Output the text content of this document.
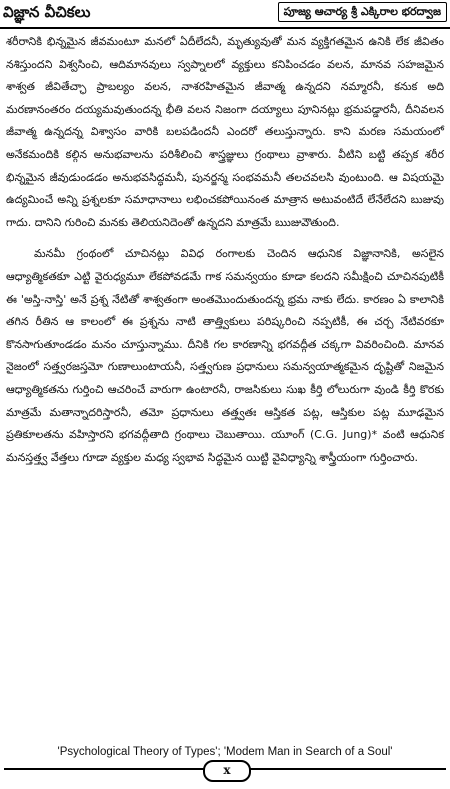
విజ్ఞాన వీచికలు	పూజ్య ఆచార్య శ్రీ ఎక్కిరాల భరద్వాజ

శరీరానికి భిన్నమైన జీవమంటూ మనలో ఏదీలేదనీ, మృత్యువుతో మన వ్యక్తిగతమైన ఉనికి లేక జీవితం నశిస్తుందని విశ్వసించి, ఆదిమానవులు స్వప్నాలలో వ్యక్తులు కనిపించడం వలన, మానవ సహజమైన శాశ్వత జీవితేచ్ఛా ప్రాబల్యం వలన, నాశరహితమైన జీవాత్మ ఉన్నదని నమ్మారనీ, కనుక అది మరణానంతరం దయ్యమవుతుందన్న భీతి వలన నిజంగా దయ్యాలు పూనినట్లు భ్రమపడ్డారనీ, దీనివలన జీవాత్మ ఉన్నదన్న విశ్వాసం వారికి బలపడిందనీ ఎందరో తలుస్తున్నారు. కాని మరణ సమయంలో అనేకమందికి కల్గిన అనుభవాలను పరిశీలించి శాస్త్రజ్ఞులు గ్రంథాలు వ్రాశారు. వీటిని బట్టి తప్పక శరీర భిన్నమైన జీవుడుండడం అనుభవసిద్ధమనీ, పునర్జన్మ సంభవమనీ తలచవలసి వుంటుంది. ఆ విషయమై ఉద్యమించే అన్ని ప్రశ్నలకూ సమాధానాలు లభించకపోయినంత మాత్రాన అటువంటిదే లేనేలేదని బుజువు గాదు. దానిని గురించి మనకు తెలియనిదెంతో ఉన్నదని మాత్రమే ఋజువౌతుంది.

మనమీ గ్రంథంలో చూచినట్లు వివిధ రంగాలకు చెందిన ఆధునిక విజ్ఞానానికి, అసలైన ఆధ్యాత్మికతకూ ఎట్టి వైరుధ్యమూ లేకపోవడమే గాక సమన్వయం కూడా కలదని సమీక్షించి చూచినపుటికీ ఈ 'అస్తి-నాస్తి' అనే ప్రశ్న నేటితో శాశ్వతంగా అంతమొందుతుందన్న భ్రమ నాకు లేదు. కారణం ఏ కాలానికి తగిన రీతిన ఆ కాలంలో ఈ ప్రశ్నను నాటి తాత్త్వికులు పరిష్కరించి నప్పటికీ, ఈ చర్చ నేటివరకూ కొనసాగుతూండడం మనం చూస్తున్నాము. దీనికి గల కారణాన్ని భగవద్గీత చక్కగా వివరించింది. మానవ నైజంలో సత్త్వరజస్తమో గుణాలుంటాయనీ, సత్త్వగుణ ప్రధానులు సమన్వయాత్మకమైన దృష్టితో నిజమైన ఆధ్యాత్మికతను గుర్తించి ఆచరించే వారుగా ఉంటారనీ, రాజసికులు సుఖ కీర్తి లోలురుగా వుండి కీర్తి కొరకు మాత్రమే మతాన్నాదరిస్తారనీ, తమో ప్రధానులు తత్త్వతః ఆస్తికత పట్ల, ఆస్తికుల పట్ల మూఢమైన ప్రతికూలతను వహిస్తారని భగవద్గీతాది గ్రంథాలు చెబుతాయి. యూంగ్ (C.G. Jung)* వంటి ఆధునిక మనస్తత్త్వ వేత్తలు గూడా వ్యక్తుల మధ్య స్వభావ సిద్ధమైన యిట్టి వైవిధ్యాన్ని శాస్త్రీయంగా గుర్తించారు.

'Psychological Theory of Types'; 'Modem Man in Search of a Soul'
x
